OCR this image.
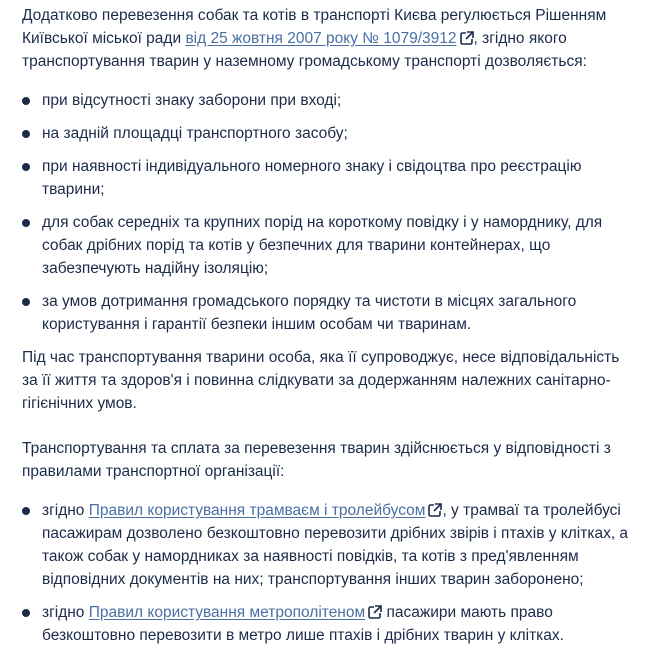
Додатково перевезення собак та котів в транспорті Києва регулюється Рішенням Київської міської ради від 25 жовтня 2007 року № 1079/3912 , згідно якого транспортування тварин у наземному громадському транспорті дозволяється:

при відсутності знаку заборони при вході;
на задній площадці транспортного засобу;
при наявності індивідуального номерного знаку і свідоцтва про реєстрацію тварини;
для собак середніх та крупних порід на короткому повідку і у наморднику, для собак дрібних порід та котів у безпечних для тварини контейнерах, що забезпечують надійну ізоляцію;
за умов дотримання громадського порядку та чистоти в місцях загального користування і гарантії безпеки іншим особам чи тваринам.

Під час транспортування тварини особа, яка її супроводжує, несе відповідальність за її життя та здоров'я і повинна слідкувати за додержанням належних санітарно-гігієнічних умов.

Транспортування та сплата за перевезення тварин здійснюється у відповідності з правилами транспортної організації:

згідно Правил користування трамваєм і тролейбусом , у трамваї та тролейбусі пасажирам дозволено безкоштовно перевозити дрібних звірів і птахів у клітках, а також собак у намордниках за наявності повідків, та котів з пред'явленням відповідних документів на них; транспортування інших тварин заборонено;
згідно Правил користування метрополітеном пасажири мають право безкоштовно перевозити в метро лише птахів і дрібних тварин у клітках.
